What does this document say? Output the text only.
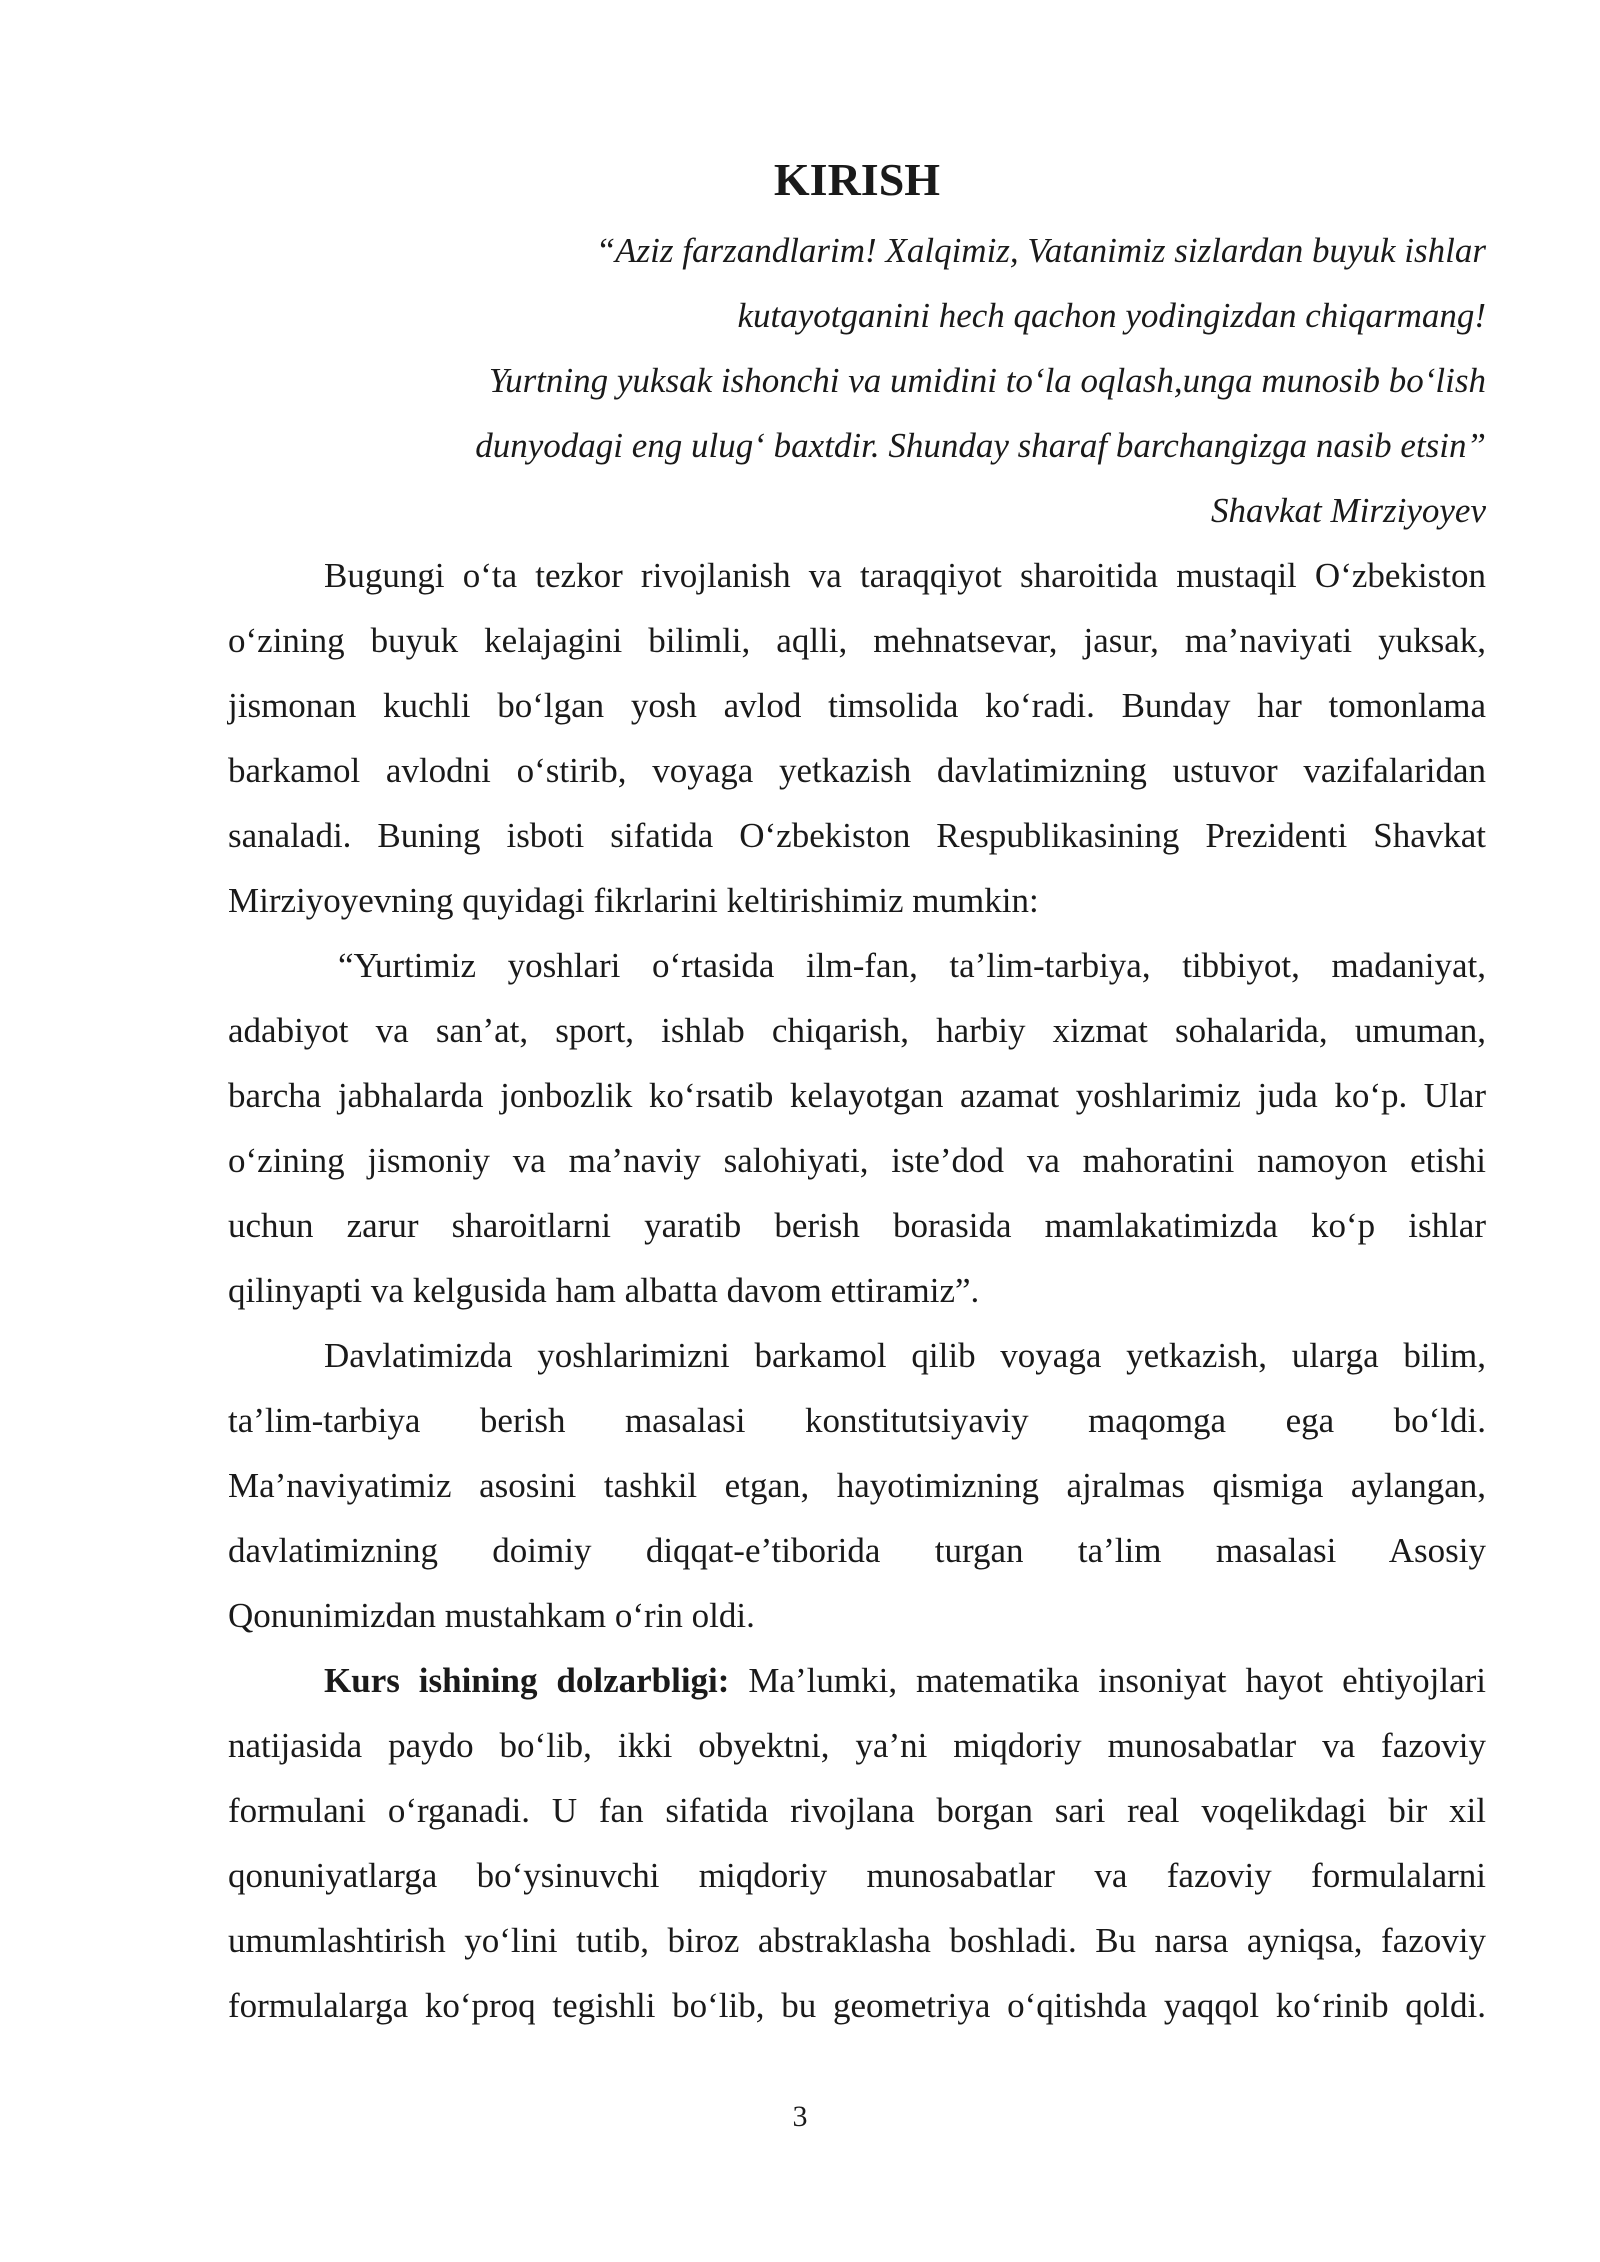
KIRISH
“Aziz farzandlarim! Xalqimiz, Vatanimiz sizlardan buyuk ishlar
kutayotganini hech qachon yodingizdan chiqarmang!
Yurtning yuksak ishonchi va umidini to‘la oqlash,unga munosib bo‘lish
dunyodagi eng ulug‘ baxtdir. Shunday sharaf barchangizga nasib etsin”
Shavkat Mirziyoyev
Bugungi o‘ta tezkor rivojlanish va taraqqiyot sharoitida mustaqil O‘zbekiston
o‘zining buyuk kelajagini bilimli, aqlli, mehnatsevar, jasur, ma’naviyati yuksak,
jismonan kuchli bo‘lgan yosh avlod timsolida ko‘radi. Bunday har tomonlama
barkamol avlodni o‘stirib, voyaga yetkazish davlatimizning ustuvor vazifalaridan
sanaladi. Buning isboti sifatida O‘zbekiston Respublikasining Prezidenti Shavkat
Mirziyoyevning quyidagi fikrlarini keltirishimiz mumkin:
“Yurtimiz yoshlari o‘rtasida ilm-fan, ta’lim-tarbiya, tibbiyot, madaniyat,
adabiyot va san’at, sport, ishlab chiqarish, harbiy xizmat sohalarida, umuman,
barcha jabhalarda jonbozlik ko‘rsatib kelayotgan azamat yoshlarimiz juda ko‘p. Ular
o‘zining jismoniy va ma’naviy salohiyati, iste’dod va mahoratini namoyon etishi
uchun zarur sharoitlarni yaratib berish borasida mamlakatimizda ko‘p ishlar
qilinyapti va kelgusida ham albatta davom ettiramiz”.
Davlatimizda yoshlarimizni barkamol qilib voyaga yetkazish, ularga bilim,
ta’lim-tarbiya berish masalasi konstitutsiyaviy maqomga ega bo‘ldi.
Ma’naviyatimiz asosini tashkil etgan, hayotimizning ajralmas qismiga aylangan,
davlatimizning doimiy diqqat-e’tiborida turgan ta’lim masalasi Asosiy
Qonunimizdan mustahkam o‘rin oldi.
Kurs ishining dolzarbligi: Ma’lumki, matematika insoniyat hayot ehtiyojlari
natijasida paydo bo‘lib, ikki obyektni, ya’ni miqdoriy munosabatlar va fazoviy
formulani o‘rganadi. U fan sifatida rivojlana borgan sari real voqelikdagi bir xil
qonuniyatlarga bo‘ysinuvchi miqdoriy munosabatlar va fazoviy formulalarni
umumlashtirish yo‘lini tutib, biroz abstraklasha boshladi. Bu narsa ayniqsa, fazoviy
formulalarga ko‘proq tegishli bo‘lib, bu geometriya o‘qitishda yaqqol ko‘rinib qoldi.
3
